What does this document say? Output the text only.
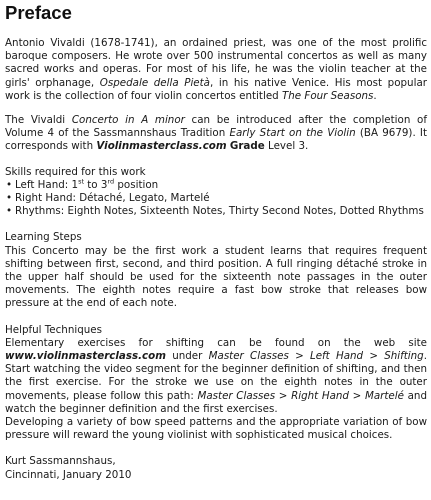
Preface

Antonio Vivaldi (1678-1741), an ordained priest, was one of the most prolific baroque composers. He wrote over 500 instrumental concertos as well as many sacred works and operas. For most of his life, he was the violin teacher at the girls' orphanage, Ospedale della Pietà, in his native Venice. His most popular work is the collection of four violin concertos entitled The Four Seasons.

The Vivaldi Concerto in A minor can be introduced after the completion of Volume 4 of the Sassmannshaus Tradition Early Start on the Violin (BA 9679). It corresponds with Violinmasterclass.com Grade Level 3.

Skills required for this work

• Left Hand: 1st to 3rd position
• Right Hand: Détaché, Legato, Martelé
• Rhythms: Eighth Notes, Sixteenth Notes, Thirty Second Notes, Dotted Rhythms

Learning Steps

This Concerto may be the first work a student learns that requires frequent shifting between first, second, and third position. A full ringing détaché stroke in the upper half should be used for the sixteenth note passages in the outer movements. The eighth notes require a fast bow stroke that releases bow pressure at the end of each note.

Helpful Techniques

Elementary exercises for shifting can be found on the web site www.violinmasterclass.com under Master Classes > Left Hand > Shifting. Start watching the video segment for the beginner definition of shifting, and then the first exercise. For the stroke we use on the eighth notes in the outer movements, please follow this path: Master Classes > Right Hand > Martelé and watch the beginner definition and the first exercises.

Developing a variety of bow speed patterns and the appropriate variation of bow pressure will reward the young violinist with sophisticated musical choices.

Kurt Sassmannshaus,

Cincinnati, January 2010
